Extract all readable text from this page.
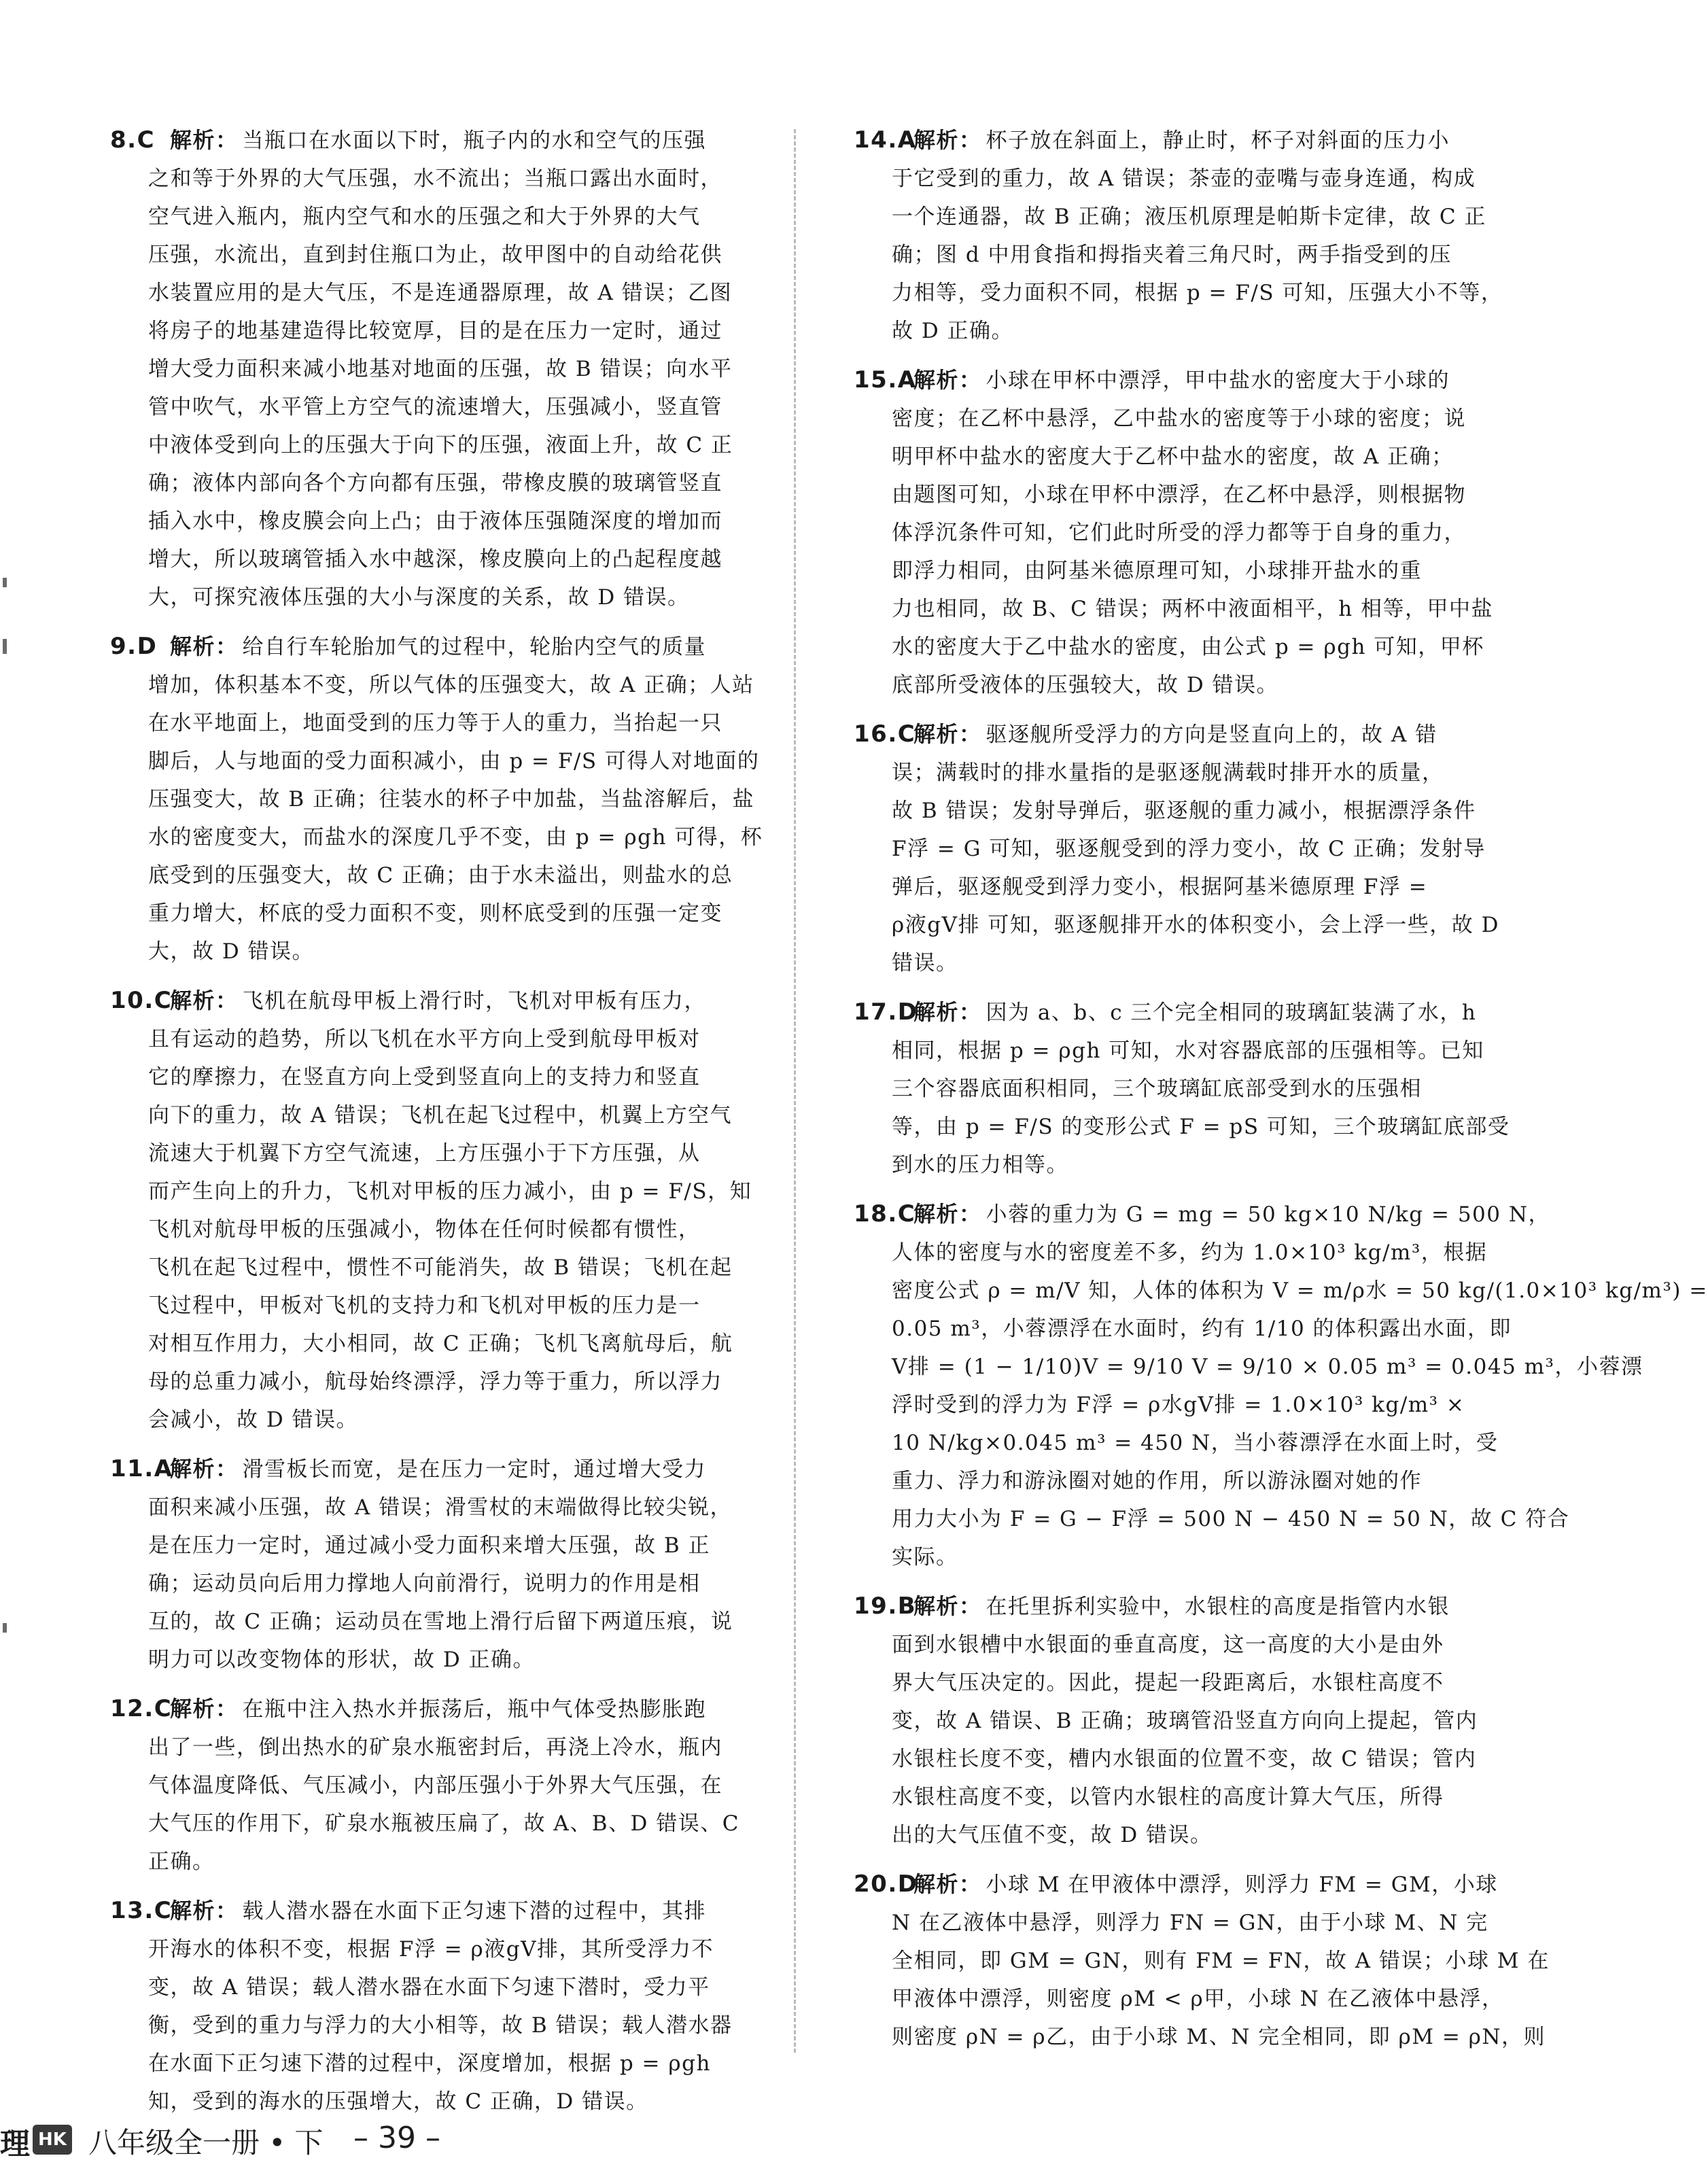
8.C 解析： 当瓶口在水面以下时，瓶子内的水和空气的压强
之和等于外界的大气压强，水不流出；当瓶口露出水面时，
空气进入瓶内，瓶内空气和水的压强之和大于外界的大气
压强，水流出，直到封住瓶口为止，故甲图中的自动给花供
水装置应用的是大气压，不是连通器原理，故 A 错误；乙图
将房子的地基建造得比较宽厚，目的是在压力一定时，通过
增大受力面积来减小地基对地面的压强，故 B 错误；向水平
管中吹气，水平管上方空气的流速增大，压强减小，竖直管
中液体受到向上的压强大于向下的压强，液面上升，故 C 正
确；液体内部向各个方向都有压强，带橡皮膜的玻璃管竖直
插入水中，橡皮膜会向上凸；由于液体压强随深度的增加而
增大，所以玻璃管插入水中越深，橡皮膜向上的凸起程度越
大，可探究液体压强的大小与深度的关系，故 D 错误。
9.D 解析： 给自行车轮胎加气的过程中，轮胎内空气的质量
增加，体积基本不变，所以气体的压强变大，故 A 正确；人站
在水平地面上，地面受到的压力等于人的重力，当抬起一只
脚后，人与地面的受力面积减小，由 p = F/S 可得人对地面的
压强变大，故 B 正确；往装水的杯子中加盐，当盐溶解后，盐
水的密度变大，而盐水的深度几乎不变，由 p = ρgh 可得，杯
底受到的压强变大，故 C 正确；由于水未溢出，则盐水的总
重力增大，杯底的受力面积不变，则杯底受到的压强一定变
大，故 D 错误。
10.C解析： 飞机在航母甲板上滑行时，飞机对甲板有压力，
且有运动的趋势，所以飞机在水平方向上受到航母甲板对
它的摩擦力，在竖直方向上受到竖直向上的支持力和竖直
向下的重力，故 A 错误；飞机在起飞过程中，机翼上方空气
流速大于机翼下方空气流速，上方压强小于下方压强，从
而产生向上的升力，飞机对甲板的压力减小，由 p = F/S，知
飞机对航母甲板的压强减小，物体在任何时候都有惯性，
飞机在起飞过程中，惯性不可能消失，故 B 错误；飞机在起
飞过程中，甲板对飞机的支持力和飞机对甲板的压力是一
对相互作用力，大小相同，故 C 正确；飞机飞离航母后，航
母的总重力减小，航母始终漂浮，浮力等于重力，所以浮力
会减小，故 D 错误。
11.A解析： 滑雪板长而宽，是在压力一定时，通过增大受力
面积来减小压强，故 A 错误；滑雪杖的末端做得比较尖锐，
是在压力一定时，通过减小受力面积来增大压强，故 B 正
确；运动员向后用力撑地人向前滑行，说明力的作用是相
互的，故 C 正确；运动员在雪地上滑行后留下两道压痕，说
明力可以改变物体的形状，故 D 正确。
12.C解析： 在瓶中注入热水并振荡后，瓶中气体受热膨胀跑
出了一些，倒出热水的矿泉水瓶密封后，再浇上冷水，瓶内
气体温度降低、气压减小，内部压强小于外界大气压强，在
大气压的作用下，矿泉水瓶被压扁了，故 A、B、D 错误、C
正确。
13.C解析： 载人潜水器在水面下正匀速下潜的过程中，其排
开海水的体积不变，根据 F浮 = ρ液gV排，其所受浮力不
变，故 A 错误；载人潜水器在水面下匀速下潜时，受力平
衡，受到的重力与浮力的大小相等，故 B 错误；载人潜水器
在水面下正匀速下潜的过程中，深度增加，根据 p = ρgh
知，受到的海水的压强增大，故 C 正确，D 错误。
14.A解析： 杯子放在斜面上，静止时，杯子对斜面的压力小
于它受到的重力，故 A 错误；茶壶的壶嘴与壶身连通，构成
一个连通器，故 B 正确；液压机原理是帕斯卡定律，故 C 正
确；图 d 中用食指和拇指夹着三角尺时，两手指受到的压
力相等，受力面积不同，根据 p = F/S 可知，压强大小不等，
故 D 正确。
15.A解析： 小球在甲杯中漂浮，甲中盐水的密度大于小球的
密度；在乙杯中悬浮，乙中盐水的密度等于小球的密度；说
明甲杯中盐水的密度大于乙杯中盐水的密度，故 A 正确；
由题图可知，小球在甲杯中漂浮，在乙杯中悬浮，则根据物
体浮沉条件可知，它们此时所受的浮力都等于自身的重力，
即浮力相同，由阿基米德原理可知，小球排开盐水的重
力也相同，故 B、C 错误；两杯中液面相平，h 相等，甲中盐
水的密度大于乙中盐水的密度，由公式 p = ρgh 可知，甲杯
底部所受液体的压强较大，故 D 错误。
16.C解析： 驱逐舰所受浮力的方向是竖直向上的，故 A 错
误；满载时的排水量指的是驱逐舰满载时排开水的质量，
故 B 错误；发射导弹后，驱逐舰的重力减小，根据漂浮条件
F浮 = G 可知，驱逐舰受到的浮力变小，故 C 正确；发射导
弹后，驱逐舰受到浮力变小，根据阿基米德原理 F浮 =
ρ液gV排 可知，驱逐舰排开水的体积变小，会上浮一些，故 D
错误。
17.D解析： 因为 a、b、c 三个完全相同的玻璃缸装满了水，h
相同，根据 p = ρgh 可知，水对容器底部的压强相等。已知
三个容器底面积相同，三个玻璃缸底部受到水的压强相
等，由 p = F/S 的变形公式 F = pS 可知，三个玻璃缸底部受
到水的压力相等。
18.C解析： 小蓉的重力为 G = mg = 50 kg×10 N/kg = 500 N，
人体的密度与水的密度差不多，约为 1.0×10³ kg/m³，根据
密度公式 ρ = m/V 知，人体的体积为 V = m/ρ水 = 50 kg/(1.0×10³ kg/m³) =
0.05 m³，小蓉漂浮在水面时，约有 1/10 的体积露出水面，即
V排 = (1 − 1/10)V = 9/10 V = 9/10 × 0.05 m³ = 0.045 m³，小蓉漂
浮时受到的浮力为 F浮 = ρ水gV排 = 1.0×10³ kg/m³ ×
10 N/kg×0.045 m³ = 450 N，当小蓉漂浮在水面上时，受
重力、浮力和游泳圈对她的作用，所以游泳圈对她的作
用力大小为 F = G − F浮 = 500 N − 450 N = 50 N，故 C 符合
实际。
19.B解析： 在托里拆利实验中，水银柱的高度是指管内水银
面到水银槽中水银面的垂直高度，这一高度的大小是由外
界大气压决定的。因此，提起一段距离后，水银柱高度不
变，故 A 错误、B 正确；玻璃管沿竖直方向向上提起，管内
水银柱长度不变，槽内水银面的位置不变，故 C 错误；管内
水银柱高度不变，以管内水银柱的高度计算大气压，所得
出的大气压值不变，故 D 错误。
20.D解析： 小球 M 在甲液体中漂浮，则浮力 FM = GM，小球
N 在乙液体中悬浮，则浮力 FN = GN，由于小球 M、N 完
全相同，即 GM = GN，则有 FM = FN，故 A 错误；小球 M 在
甲液体中漂浮，则密度 ρM < ρ甲，小球 N 在乙液体中悬浮，
则密度 ρN = ρ乙，由于小球 M、N 完全相同，即 ρM = ρN，则
理 HK 八年级全一册 • 下 – 39 –
